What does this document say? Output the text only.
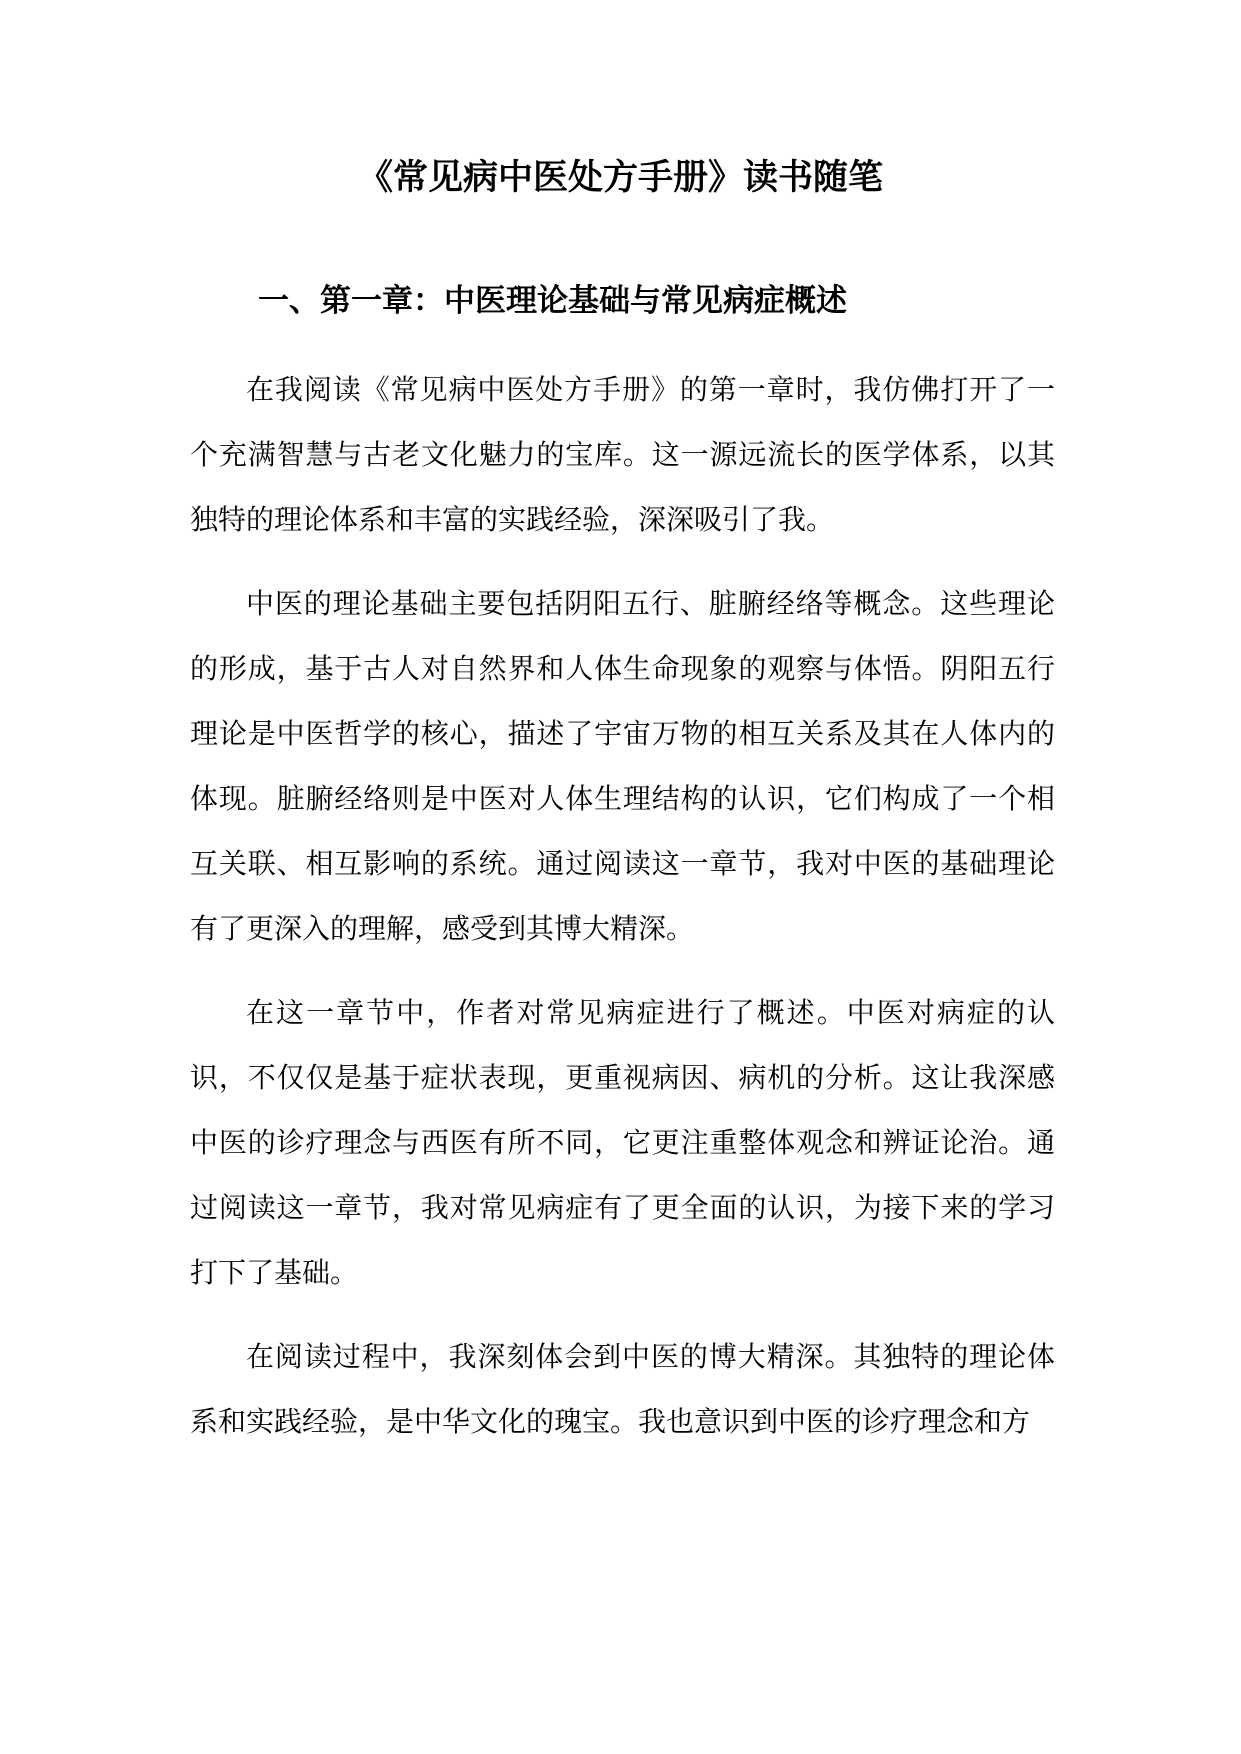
《常见病中医处方手册》读书随笔
一、第一章：中医理论基础与常见病症概述

在我阅读《常见病中医处方手册》的第一章时，我仿佛打开了一个充满智慧与古老文化魅力的宝库。这一源远流长的医学体系，以其独特的理论体系和丰富的实践经验，深深吸引了我。

中医的理论基础主要包括阴阳五行、脏腑经络等概念。这些理论的形成，基于古人对自然界和人体生命现象的观察与体悟。阴阳五行理论是中医哲学的核心，描述了宇宙万物的相互关系及其在人体内的体现。脏腑经络则是中医对人体生理结构的认识，它们构成了一个相互关联、相互影响的系统。通过阅读这一章节，我对中医的基础理论有了更深入的理解，感受到其博大精深。

在这一章节中，作者对常见病症进行了概述。中医对病症的认识，不仅仅是基于症状表现，更重视病因、病机的分析。这让我深感中医的诊疗理念与西医有所不同，它更注重整体观念和辨证论治。通过阅读这一章节，我对常见病症有了更全面的认识，为接下来的学习打下了基础。

在阅读过程中，我深刻体会到中医的博大精深。其独特的理论体系和实践经验，是中华文化的瑰宝。我也意识到中医的诊疗理念和方
